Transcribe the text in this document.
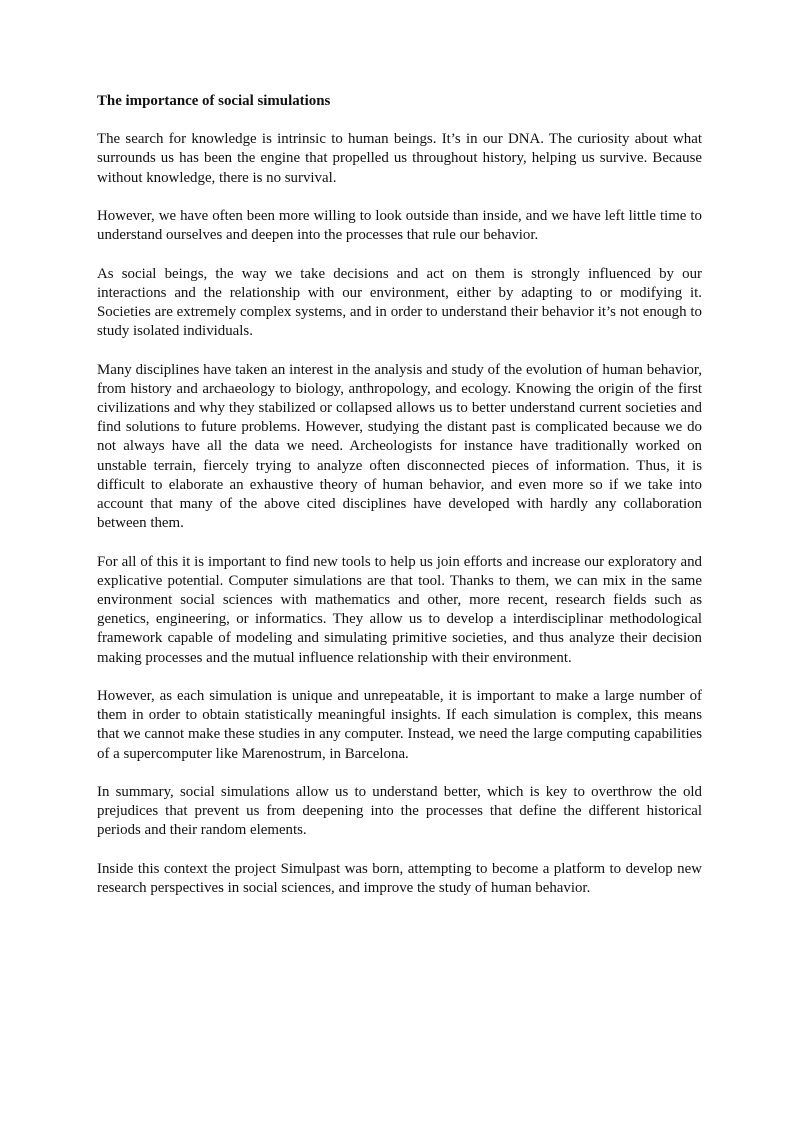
The importance of social simulations

The search for knowledge is intrinsic to human beings. It’s in our DNA. The curiosity about what surrounds us has been the engine that propelled us throughout history, helping us survive. Because without knowledge, there is no survival.

However, we have often been more willing to look outside than inside, and we have left little time to understand ourselves and deepen into the processes that rule our behavior.

As social beings, the way we take decisions and act on them is strongly influenced by our interactions and the relationship with our environment, either by adapting to or modifying it. Societies are extremely complex systems, and in order to understand their behavior it’s not enough to study isolated individuals.

Many disciplines have taken an interest in the analysis and study of the evolution of human behavior, from history and archaeology to biology, anthropology, and ecology. Knowing the origin of the first civilizations and why they stabilized or collapsed allows us to better understand current societies and find solutions to future problems. However, studying the distant past is complicated because we do not always have all the data we need. Archeologists for instance have traditionally worked on unstable terrain, fiercely trying to analyze often disconnected pieces of information. Thus, it is difficult to elaborate an exhaustive theory of human behavior, and even more so if we take into account that many of the above cited disciplines have developed with hardly any collaboration between them.

For all of this it is important to find new tools to help us join efforts and increase our exploratory and explicative potential. Computer simulations are that tool. Thanks to them, we can mix in the same environment social sciences with mathematics and other, more recent, research fields such as genetics, engineering, or informatics. They allow us to develop a interdisciplinar methodological framework capable of modeling and simulating primitive societies, and thus analyze their decision making processes and the mutual influence relationship with their environment.

However, as each simulation is unique and unrepeatable, it is important to make a large number of them in order to obtain statistically meaningful insights. If each simulation is complex, this means that we cannot make these studies in any computer. Instead, we need the large computing capabilities of a supercomputer like Marenostrum, in Barcelona.

In summary, social simulations allow us to understand better, which is key to overthrow the old prejudices that prevent us from deepening into the processes that define the different historical periods and their random elements.

Inside this context the project Simulpast was born, attempting to become a platform to develop new research perspectives in social sciences, and improve the study of human behavior.
